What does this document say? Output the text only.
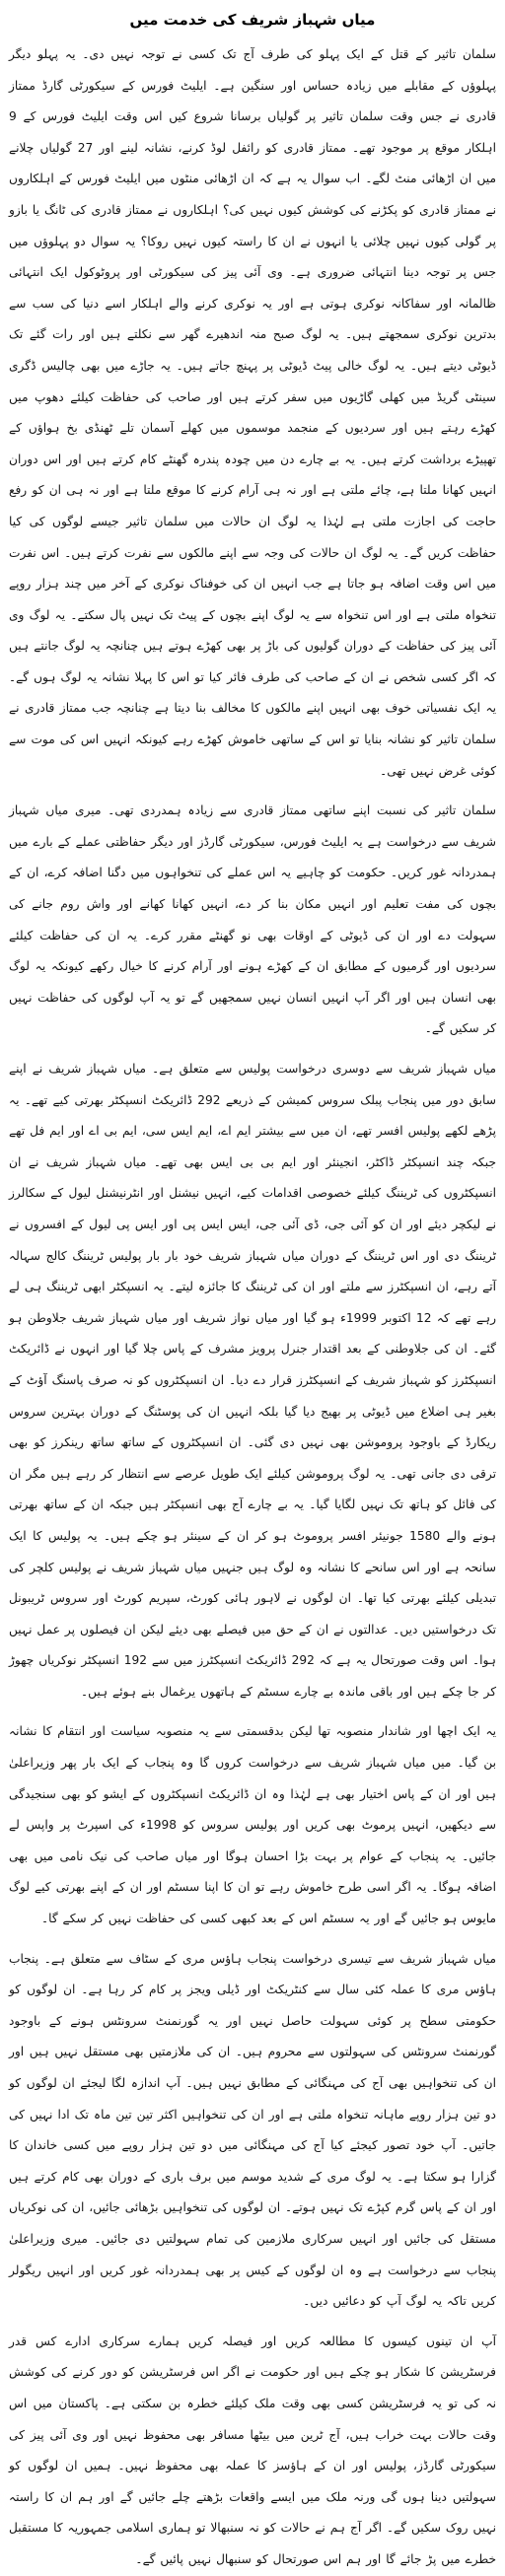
میاں شہباز شریف کی خدمت میں

سلمان تاثیر کے قتل کے ایک پہلو کی طرف آج تک کسی نے توجہ نہیں دی۔ یہ پہلو دیگر پہلوؤں کے مقابلے میں زیادہ حساس اور سنگین ہے۔ ایلیٹ فورس کے سیکورٹی گارڈ ممتاز قادری نے جس وقت سلمان تاثیر پر گولیاں برسانا شروع کیں اس وقت ایلیٹ فورس کے 9 اہلکار موقع پر موجود تھے۔ ممتاز قادری کو رائفل لوڈ کرنے، نشانہ لینے اور 27 گولیاں چلانے میں ان اڑھائی منٹ لگے۔ اب سوال یہ ہے کہ ان اڑھائی منٹوں میں ایلیٹ فورس کے اہلکاروں نے ممتاز قادری کو پکڑنے کی کوشش کیوں نہیں کی؟ اہلکاروں نے ممتاز قادری کی ٹانگ یا بازو پر گولی کیوں نہیں چلائی یا انہوں نے ان کا راستہ کیوں نہیں روکا؟ یہ سوال دو پہلوؤں میں جس پر توجہ دینا انتہائی ضروری ہے۔ وی آئی پیز کی سیکورٹی اور پروٹوکول ایک انتہائی ظالمانہ اور سفاکانہ نوکری ہوتی ہے اور یہ نوکری کرنے والے اہلکار اسے دنیا کی سب سے بدترین نوکری سمجھتے ہیں۔ یہ لوگ صبح منہ اندھیرے گھر سے نکلتے ہیں اور رات گئے تک ڈیوٹی دیتے ہیں۔ یہ لوگ خالی پیٹ ڈیوٹی پر پہنچ جاتے ہیں۔ یہ جاڑے میں بھی چالیس ڈگری سینٹی گریڈ میں کھلی گاڑیوں میں سفر کرتے ہیں اور صاحب کی حفاظت کیلئے دھوپ میں کھڑے رہتے ہیں اور سردیوں کے منجمد موسموں میں کھلے آسمان تلے ٹھنڈی بخ ہواؤں کے تھپیڑے برداشت کرتے ہیں۔ یہ بے چارے دن میں چودہ پندرہ گھنٹے کام کرتے ہیں اور اس دوران انہیں کھانا ملتا ہے، چائے ملتی ہے اور نہ ہی آرام کرنے کا موقع ملتا ہے اور نہ ہی ان کو رفع حاجت کی اجازت ملتی ہے لہٰذا یہ لوگ ان حالات میں سلمان تاثیر جیسے لوگوں کی کیا حفاظت کریں گے۔ یہ لوگ ان حالات کی وجہ سے اپنے مالکوں سے نفرت کرتے ہیں۔ اس نفرت میں اس وقت اضافہ ہو جاتا ہے جب انہیں ان کی خوفناک نوکری کے آخر میں چند ہزار روپے تنخواہ ملتی ہے اور اس تنخواہ سے یہ لوگ اپنے بچوں کے پیٹ تک نہیں پال سکتے۔ یہ لوگ وی آئی پیز کی حفاظت کے دوران گولیوں کی باڑ پر بھی کھڑے ہوتے ہیں چنانچہ یہ لوگ جانتے ہیں کہ اگر کسی شخص نے ان کے صاحب کی طرف فائر کیا تو اس کا پہلا نشانہ یہ لوگ ہوں گے۔ یہ ایک نفسیاتی خوف بھی انہیں اپنے مالکوں کا مخالف بنا دیتا ہے چنانچہ جب ممتاز قادری نے سلمان تاثیر کو نشانہ بنایا تو اس کے ساتھی خاموش کھڑے رہے کیونکہ انہیں اس کی موت سے کوئی غرض نہیں تھی۔

سلمان تاثیر کی نسبت اپنے ساتھی ممتاز قادری سے زیادہ ہمدردی تھی۔ میری میاں شہباز شریف سے درخواست ہے یہ ایلیٹ فورس، سیکورٹی گارڈز اور دیگر حفاظتی عملے کے بارے میں ہمدردانہ غور کریں۔ حکومت کو چاہیے یہ اس عملے کی تنخواہوں میں دگنا اضافہ کرے، ان کے بچوں کی مفت تعلیم اور انہیں مکان بنا کر دے، انہیں کھانا کھانے اور واش روم جانے کی سہولت دے اور ان کی ڈیوٹی کے اوقات بھی نو گھنٹے مقرر کرے۔ یہ ان کی حفاظت کیلئے سردیوں اور گرمیوں کے مطابق ان کے کھڑے ہونے اور آرام کرنے کا خیال رکھے کیونکہ یہ لوگ بھی انسان ہیں اور اگر آپ انہیں انسان نہیں سمجھیں گے تو یہ آپ لوگوں کی حفاظت نہیں کر سکیں گے۔

میاں شہباز شریف سے دوسری درخواست پولیس سے متعلق ہے۔ میاں شہباز شریف نے اپنے سابق دور میں پنجاب پبلک سروس کمیشن کے ذریعے 292 ڈائریکٹ انسپکٹر بھرتی کیے تھے۔ یہ پڑھے لکھے پولیس افسر تھے، ان میں سے بیشتر ایم اے، ایم ایس سی، ایم بی اے اور ایم فل تھے جبکہ چند انسپکٹر ڈاکٹر، انجینئر اور ایم بی بی ایس بھی تھے۔ میاں شہباز شریف نے ان انسپکٹروں کی ٹریننگ کیلئے خصوصی اقدامات کیے، انہیں نیشنل اور انٹرنیشنل لیول کے سکالرز نے لیکچر دیئے اور ان کو آئی جی، ڈی آئی جی، ایس ایس پی اور ایس پی لیول کے افسروں نے ٹریننگ دی اور اس ٹریننگ کے دوران میاں شہباز شریف خود بار بار پولیس ٹریننگ کالج سہالہ آتے رہے، ان انسپکٹرز سے ملتے اور ان کی ٹریننگ کا جائزہ لیتے۔ یہ انسپکٹر ابھی ٹریننگ ہی لے رہے تھے کہ 12 اکتوبر 1999ء ہو گیا اور میاں نواز شریف اور میاں شہباز شریف جلاوطن ہو گئے۔ ان کی جلاوطنی کے بعد اقتدار جنرل پرویز مشرف کے پاس چلا گیا اور انہوں نے ڈائریکٹ انسپکٹرز کو شہباز شریف کے انسپکٹرز قرار دے دیا۔ ان انسپکٹروں کو نہ صرف پاسنگ آؤٹ کے بغیر ہی اضلاع میں ڈیوٹی پر بھیج دیا گیا بلکہ انہیں ان کی پوسٹنگ کے دوران بہترین سروس ریکارڈ کے باوجود پروموشن بھی نہیں دی گئی۔ ان انسپکٹروں کے ساتھ ساتھ رینکرز کو بھی ترقی دی جانی تھی۔ یہ لوگ پروموشن کیلئے ایک طویل عرصے سے انتظار کر رہے ہیں مگر ان کی فائل کو ہاتھ تک نہیں لگایا گیا۔ یہ بے چارے آج بھی انسپکٹر ہیں جبکہ ان کے ساتھ بھرتی ہونے والے 1580 جونیئر افسر پروموٹ ہو کر ان کے سینئر ہو چکے ہیں۔ یہ پولیس کا ایک سانحہ ہے اور اس سانحے کا نشانہ وہ لوگ ہیں جنہیں میاں شہباز شریف نے پولیس کلچر کی تبدیلی کیلئے بھرتی کیا تھا۔ ان لوگوں نے لاہور ہائی کورٹ، سپریم کورٹ اور سروس ٹریبونل تک درخواستیں دیں۔ عدالتوں نے ان کے حق میں فیصلے بھی دیئے لیکن ان فیصلوں پر عمل نہیں ہوا۔ اس وقت صورتحال یہ ہے کہ 292 ڈائریکٹ انسپکٹرز میں سے 192 انسپکٹر نوکریاں چھوڑ کر جا چکے ہیں اور باقی ماندہ بے چارے سسٹم کے ہاتھوں یرغمال بنے ہوئے ہیں۔

یہ ایک اچھا اور شاندار منصوبہ تھا لیکن بدقسمتی سے یہ منصوبہ سیاست اور انتقام کا نشانہ بن گیا۔ میں میاں شہباز شریف سے درخواست کروں گا وہ پنجاب کے ایک بار پھر وزیراعلیٰ ہیں اور ان کے پاس اختیار بھی ہے لہٰذا وہ ان ڈائریکٹ انسپکٹروں کے ایشو کو بھی سنجیدگی سے دیکھیں، انہیں پرموٹ بھی کریں اور پولیس سروس کو 1998ء کی اسپرٹ پر واپس لے جائیں۔ یہ پنجاب کے عوام پر بہت بڑا احسان ہوگا اور میاں صاحب کی نیک نامی میں بھی اضافہ ہوگا۔ یہ اگر اسی طرح خاموش رہے تو ان کا اپنا سسٹم اور ان کے اپنے بھرتی کیے لوگ مایوس ہو جائیں گے اور یہ سسٹم اس کے بعد کبھی کسی کی حفاظت نہیں کر سکے گا۔

میاں شہباز شریف سے تیسری درخواست پنجاب ہاؤس مری کے سٹاف سے متعلق ہے۔ پنجاب ہاؤس مری کا عملہ کئی سال سے کنٹریکٹ اور ڈیلی ویجز پر کام کر رہا ہے۔ ان لوگوں کو حکومتی سطح پر کوئی سہولت حاصل نہیں اور یہ گورنمنٹ سرونٹس ہونے کے باوجود گورنمنٹ سرونٹس کی سہولتوں سے محروم ہیں۔ ان کی ملازمتیں بھی مستقل نہیں ہیں اور ان کی تنخواہیں بھی آج کی مہنگائی کے مطابق نہیں ہیں۔ آپ اندازہ لگا لیجئے ان لوگوں کو دو تین ہزار روپے ماہانہ تنخواہ ملتی ہے اور ان کی تنخواہیں اکثر تین تین ماہ تک ادا نہیں کی جاتیں۔ آپ خود تصور کیجئے کیا آج کی مہنگائی میں دو تین ہزار روپے میں کسی خاندان کا گزارا ہو سکتا ہے۔ یہ لوگ مری کے شدید موسم میں برف باری کے دوران بھی کام کرتے ہیں اور ان کے پاس گرم کپڑے تک نہیں ہوتے۔ ان لوگوں کی تنخواہیں بڑھائی جائیں، ان کی نوکریاں مستقل کی جائیں اور انہیں سرکاری ملازمین کی تمام سہولتیں دی جائیں۔ میری وزیراعلیٰ پنجاب سے درخواست ہے وہ ان لوگوں کے کیس پر بھی ہمدردانہ غور کریں اور انہیں ریگولر کریں تاکہ یہ لوگ آپ کو دعائیں دیں۔

آپ ان تینوں کیسوں کا مطالعہ کریں اور فیصلہ کریں ہمارے سرکاری ادارے کس قدر فرسٹریشن کا شکار ہو چکے ہیں اور حکومت نے اگر اس فرسٹریشن کو دور کرنے کی کوشش نہ کی تو یہ فرسٹریشن کسی بھی وقت ملک کیلئے خطرہ بن سکتی ہے۔ پاکستان میں اس وقت حالات بہت خراب ہیں، آج ٹرین میں بیٹھا مسافر بھی محفوظ نہیں اور وی آئی پیز کی سیکورٹی گارڈز، پولیس اور ان کے ہاؤسز کا عملہ بھی محفوظ نہیں۔ ہمیں ان لوگوں کو سہولتیں دینا ہوں گی ورنہ ملک میں ایسے واقعات بڑھتے چلے جائیں گے اور ہم ان کا راستہ نہیں روک سکیں گے۔ اگر آج ہم نے حالات کو نہ سنبھالا تو ہماری اسلامی جمہوریہ کا مستقبل خطرے میں پڑ جائے گا اور ہم اس صورتحال کو سنبھال نہیں پائیں گے۔
